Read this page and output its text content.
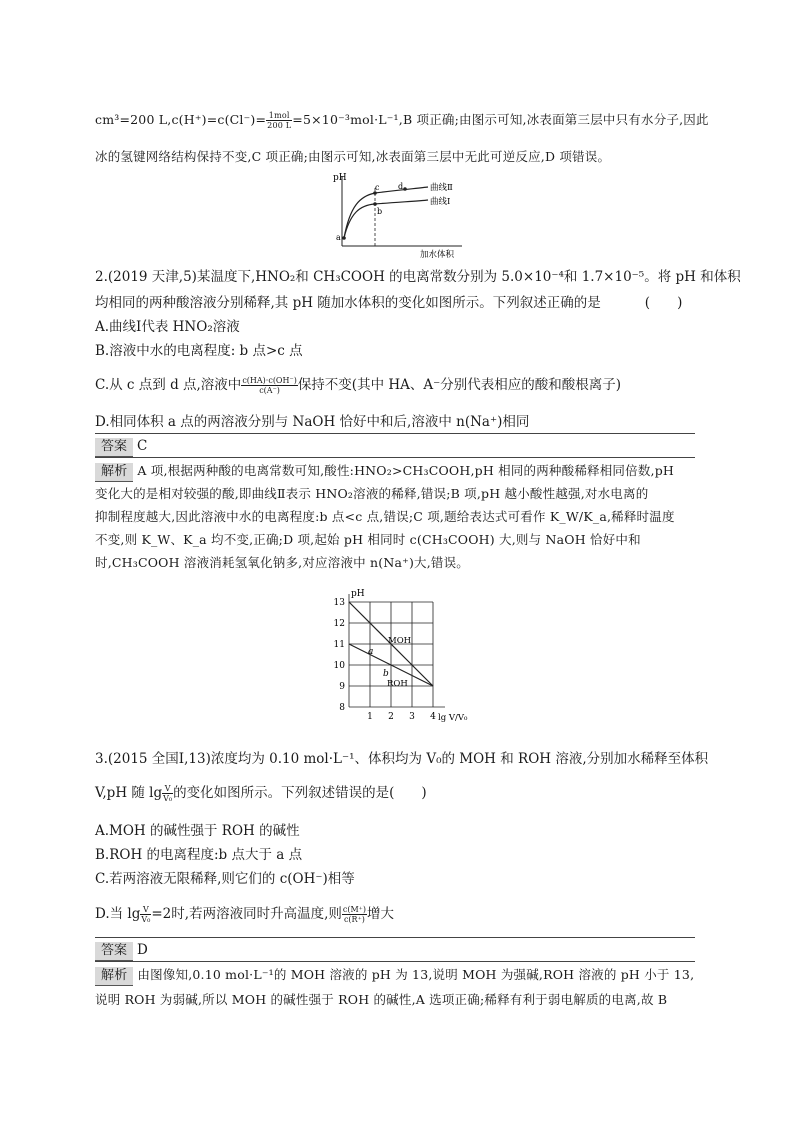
cm³=200 $L,c(H^+)=c(Cl^-)= \frac{\text{1mol}}{200 L} =5\times 10^{-3}mol\cdot L^{-1},B$ 项正确;由图示可知,冰表面第三层中只有水分子,因此
冰的氢键网络结构保持不变,C 项正确;由图示可知,冰表面第三层中无此可逆反应,D 项错误。
pH
加水体积
a
b
c d	曲线Ⅱ
曲线Ⅰ
2.(2019 天津,5)某温度下,HNO₂和 CH₃COOH 的电离常数分别为 5.0×10⁻⁴和 1.7×10⁻⁵。将 pH 和体积
均相同的两种酸溶液分别稀释,其 pH 随加水体积的变化如图所示。下列叙述正确的是	(　　)
A.曲线Ⅰ代表 HNO₂溶液
B.溶液中水的电离程度: b 点>c 点
C.从 c 点到 d 点,溶液中 $\frac{c(HA)\cdot c(OH^-)}{c(A^-)}$ 保持不变(其中 HA、A⁻分别代表相应的酸和酸根离子)
D.相同体积 a 点的两溶液分别与 NaOH 恰好中和后,溶液中 n(Na⁺)相同
答案 C
解析 A 项,根据两种酸的电离常数可知,酸性:HNO₂>CH₃COOH,pH 相同的两种酸稀释相同倍数,pH
变化大的是相对较强的酸,即曲线Ⅱ表示 HNO₂溶液的稀释,错误;B 项,pH 越小酸性越强,对水电离的
抑制程度越大,因此溶液中水的电离程度:b 点<c 点,错误;C 项,题给表达式可看作 K_W/K_a,稀释时温度
不变,则 K_W、K_a 均不变,正确;D 项,起始 pH 相同时 c(CH₃COOH) 大,则与 NaOH 恰好中和
时,CH₃COOH 溶液消耗氢氧化钠多,对应溶液中 n(Na⁺)大,错误。
pH
lg V/V₀
8
9
10
11
12
13
1 2 3 4
MOH
ROH
a
b
3.(2015 全国Ⅰ,13)浓度均为 0.10 mol·L⁻¹、体积均为 V₀的 MOH 和 ROH 溶液,分别加水稀释至体积
V,pH 随 $\lg \frac{V}{\text{V₀}}$ 的变化如图所示。下列叙述错误的是(　　)
A.MOH 的碱性强于 ROH 的碱性
B.ROH 的电离程度:b 点大于 a 点
C.若两溶液无限稀释,则它们的 c(OH⁻)相等
D.当 $\lg \frac{V}{\text{V₀}} =2$时,若两溶液同时升高温度,则 $\frac{c(M^+)}{c(R^+)}$ 增大
答案 D
解析 由图像知,0.10 mol·L⁻¹的 MOH 溶液的 pH 为 13,说明 MOH 为强碱,ROH 溶液的 pH 小于 13,
说明 ROH 为弱碱,所以 MOH 的碱性强于 ROH 的碱性,A 选项正确;稀释有利于弱电解质的电离,故 B
